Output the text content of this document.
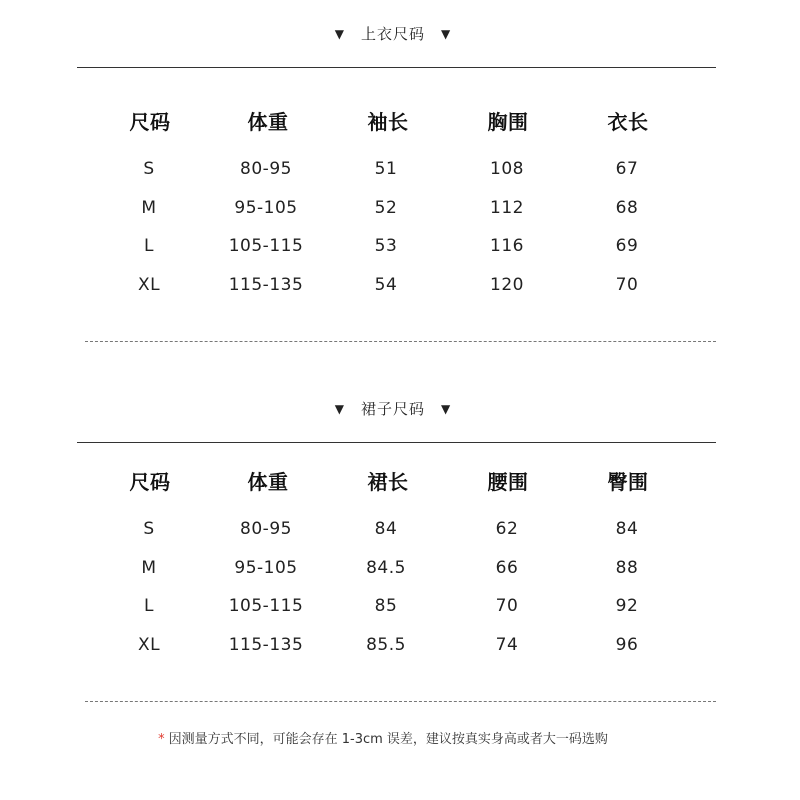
▼ 上衣尺码 ▼
尺码	体重	袖长	胸围	衣长
S	80-95	51	108	67
M	95-105	52	112	68
L	105-115	53	116	69
XL	115-135	54	120	70
▼ 裙子尺码 ▼
尺码	体重	裙长	腰围	臀围
S	80-95	84	62	84
M	95-105	84.5	66	88
L	105-115	85	70	92
XL	115-135	85.5	74	96
* 因测量方式不同，可能会存在 1-3cm 误差，建议按真实身高或者大一码选购
